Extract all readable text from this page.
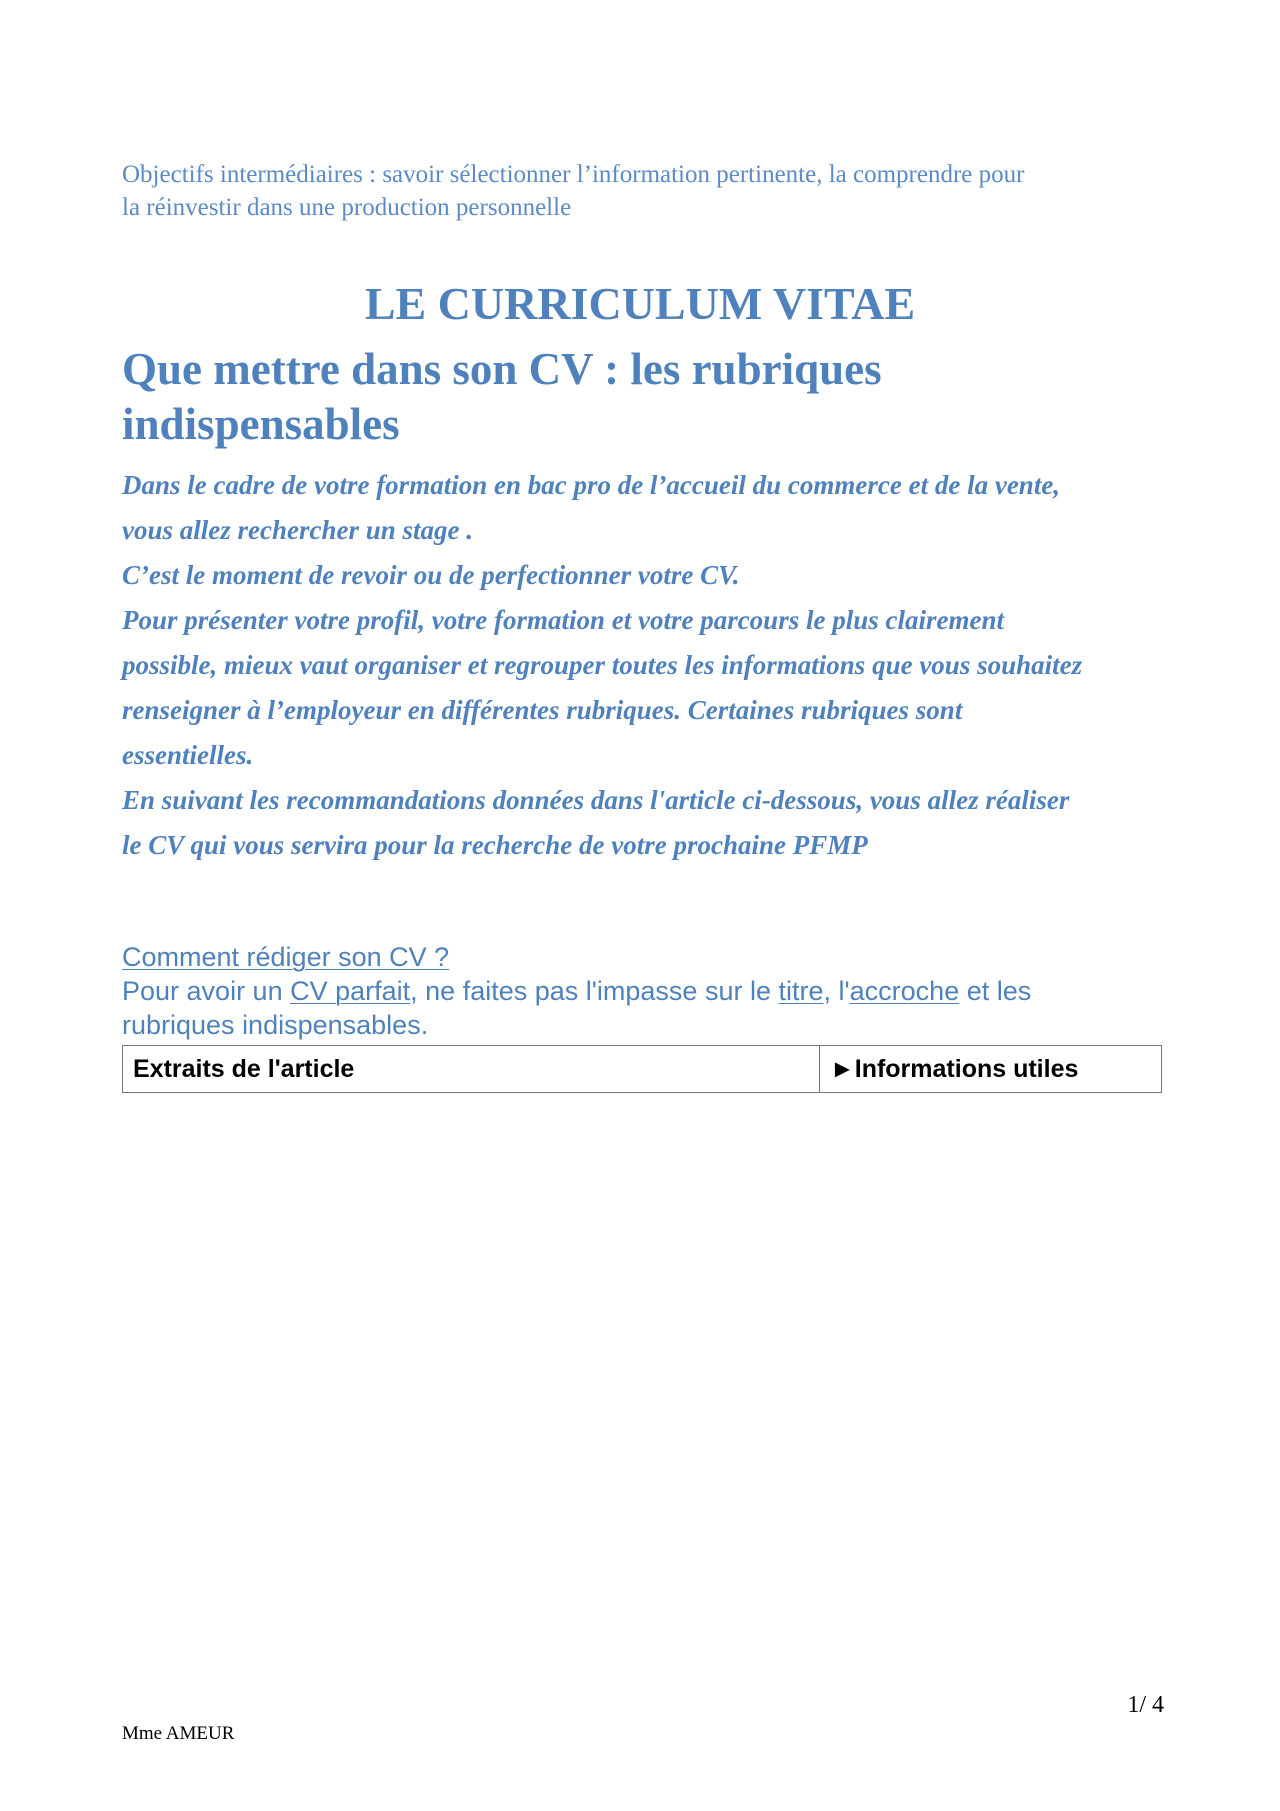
Objectifs intermédiaires : savoir sélectionner l’information pertinente, la comprendre pour
la réinvestir dans une production personnelle
LE CURRICULUM VITAE
Que mettre dans son CV : les rubriques
indispensables

Dans le cadre de votre formation en bac pro de l’accueil du commerce et de la vente,
vous allez rechercher un stage .

C’est le moment de revoir ou de perfectionner votre CV.

Pour présenter votre profil, votre formation et votre parcours le plus clairement
possible, mieux vaut organiser et regrouper toutes les informations que vous souhaitez
renseigner à l’employeur en différentes rubriques. Certaines rubriques sont
essentielles.

En suivant les recommandations données dans l'article ci-dessous, vous allez réaliser
le CV qui vous servira pour la recherche de votre prochaine PFMP

Comment rédiger son CV ?
Pour avoir un CV parfait, ne faites pas l'impasse sur le titre, l'accroche et les
rubriques indispensables.
Extraits de l'article	►Informations utiles
1/ 4
Mme AMEUR
